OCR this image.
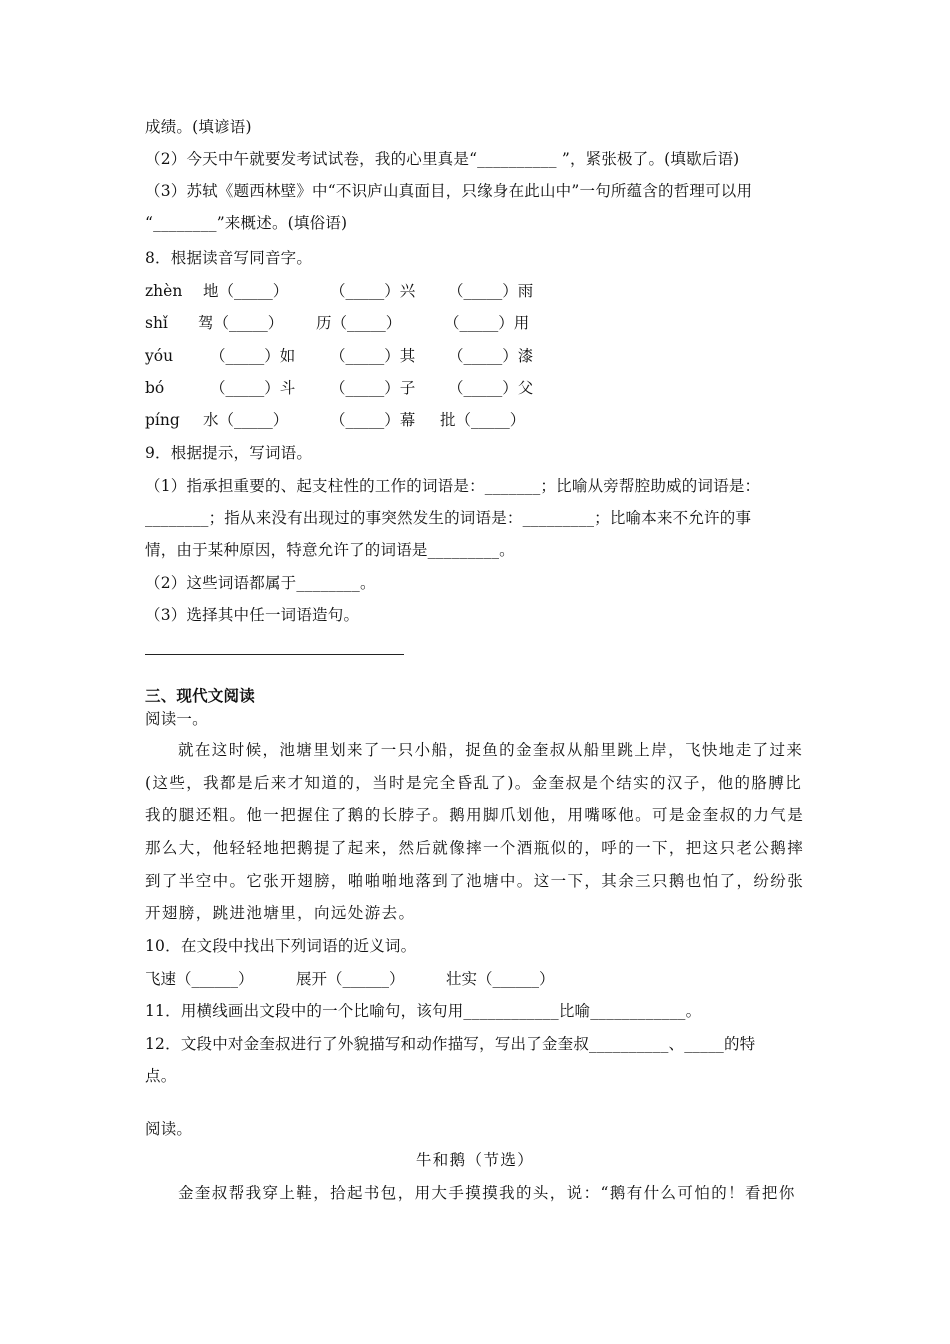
成绩。(填谚语)
（2）今天中午就要发考试试卷，我的心里真是“__________ ”，紧张极了。(填歇后语)
（3）苏轼《题西林壁》中“不识庐山真面目，只缘身在此山中”一句所蕴含的哲理可以用
“________”来概述。(填俗语)
8．根据读音写同音字。
zhèn 地（_____）	（_____）兴 （_____）雨
shǐ 驾（_____） 历（_____）	（_____）用
yóu （_____）如 （_____）其 （_____）漆
bó	（_____）斗 （_____）子 （_____）父
píng 水（_____）	（_____）幕 批（_____）
9．根据提示，写词语。
（1）指承担重要的、起支柱性的工作的词语是：_______；比喻从旁帮腔助威的词语是：
________；指从来没有出现过的事突然发生的词语是：_________；比喻本来不允许的事
情，由于某种原因，特意允许了的词语是_________。
（2）这些词语都属于________。
（3）选择其中任一词语造句。
三、现代文阅读
阅读一。
就在这时候，池塘里划来了一只小船，捉鱼的金奎叔从船里跳上岸，飞快地走了过来
(这些，我都是后来才知道的，当时是完全昏乱了)。金奎叔是个结实的汉子，他的胳膊比
我的腿还粗。他一把握住了鹅的长脖子。鹅用脚爪划他，用嘴啄他。可是金奎叔的力气是
那么大，他轻轻地把鹅提了起来，然后就像摔一个酒瓶似的，呼的一下，把这只老公鹅摔
到了半空中。它张开翅膀，啪啪啪地落到了池塘中。这一下，其余三只鹅也怕了，纷纷张
开翅膀，跳进池塘里，向远处游去。
10．在文段中找出下列词语的近义词。
飞速（______）	展开（______）	壮实（______）
11．用横线画出文段中的一个比喻句，该句用____________比喻____________。
12．文段中对金奎叔进行了外貌描写和动作描写，写出了金奎叔__________、_____的特
点。
阅读。
牛和鹅（节选）
金奎叔帮我穿上鞋，拾起书包，用大手摸摸我的头，说：“鹅有什么可怕的！看把你
